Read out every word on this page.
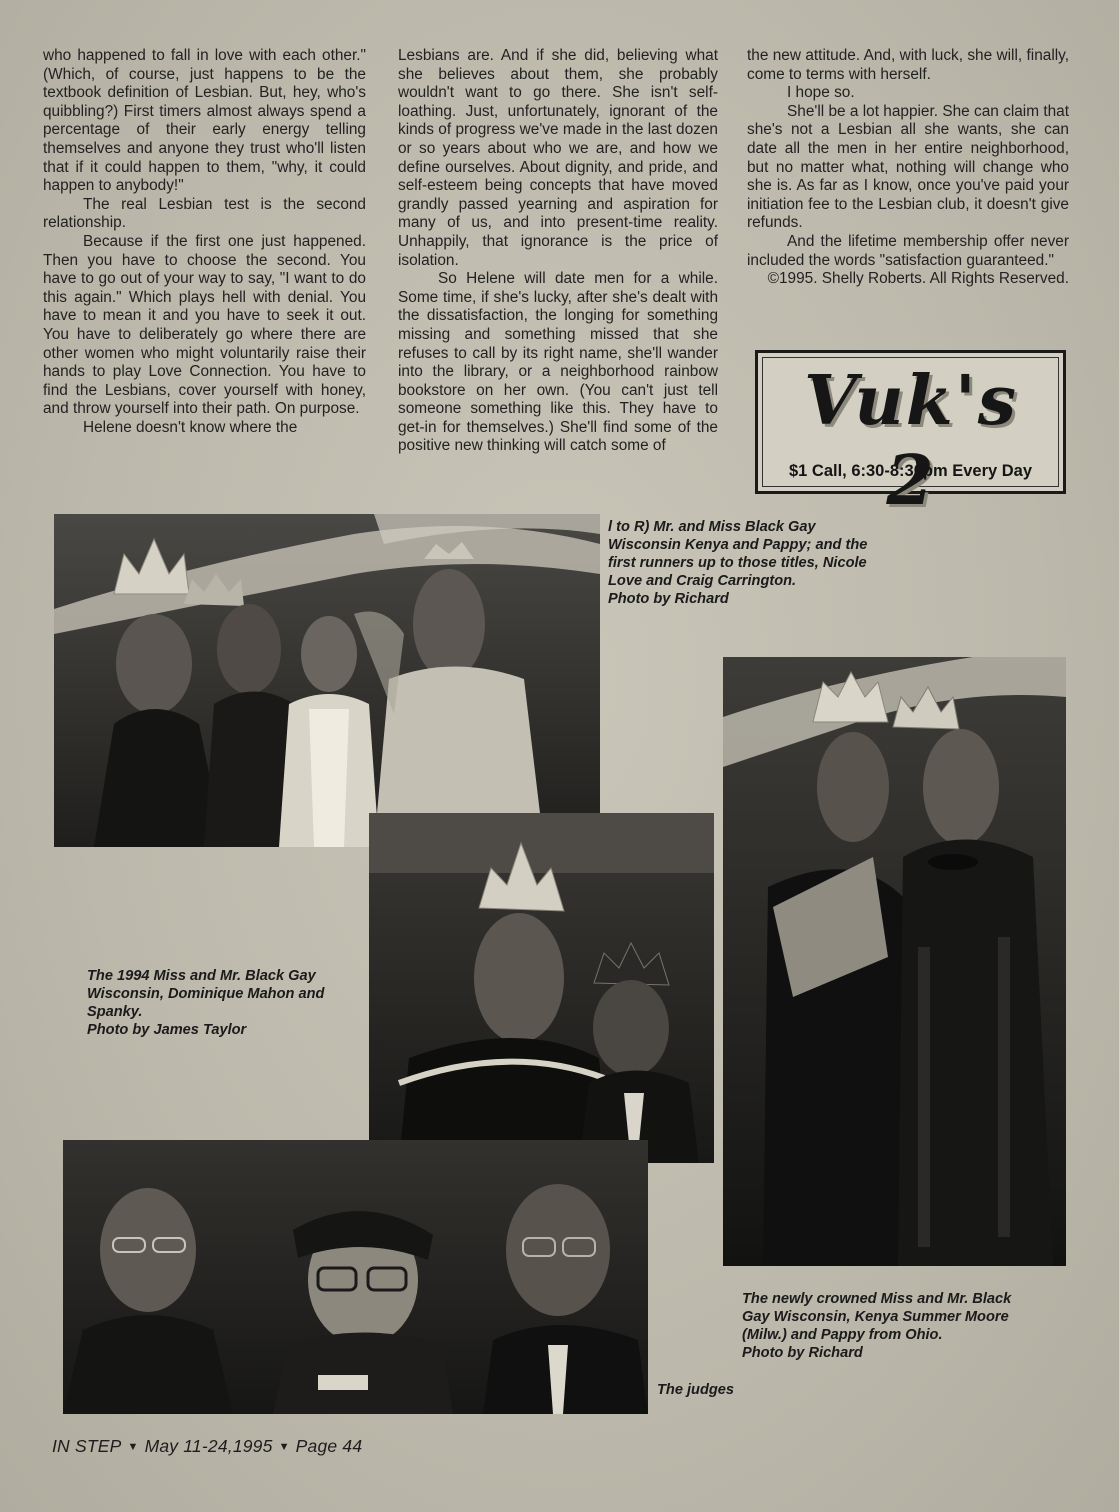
who happened to fall in love with each other." (Which, of course, just happens to be the textbook definition of Lesbian. But, hey, who's quibbling?) First timers almost always spend a percentage of their early energy telling themselves and anyone they trust who'll listen that if it could happen to them, "why, it could happen to anybody!"

The real Lesbian test is the second relationship.

Because if the first one just happened. Then you have to choose the second. You have to go out of your way to say, "I want to do this again." Which plays hell with denial. You have to mean it and you have to seek it out. You have to deliberately go where there are other women who might voluntarily raise their hands to play Love Connection. You have to find the Lesbians, cover yourself with honey, and throw yourself into their path. On purpose.

Helene doesn't know where the

Lesbians are. And if she did, believing what she believes about them, she probably wouldn't want to go there. She isn't self-loathing. Just, unfortunately, ignorant of the kinds of progress we've made in the last dozen or so years about who we are, and how we define ourselves. About dignity, and pride, and self-esteem being concepts that have moved grandly passed yearning and aspiration for many of us, and into present-time reality. Unhappily, that ignorance is the price of isolation.

So Helene will date men for a while. Some time, if she's lucky, after she's dealt with the dissatisfaction, the longing for something missing and something missed that she refuses to call by its right name, she'll wander into the library, or a neighborhood rainbow bookstore on her own. (You can't just tell someone something like this. They have to get-in for themselves.) She'll find some of the positive new thinking will catch some of

the new attitude. And, with luck, she will, finally, come to terms with herself.

I hope so.

She'll be a lot happier. She can claim that she's not a Lesbian all she wants, she can date all the men in her entire neighborhood, but no matter what, nothing will change who she is. As far as I know, once you've paid your initiation fee to the Lesbian club, it doesn't give refunds.

And the lifetime membership offer never included the words "satisfaction guaranteed."

©1995. Shelly Roberts. All Rights Reserved.

Vuk's 2
$1 Call, 6:30-8:30pm Every Day
l to R) Mr. and Miss Black Gay
Wisconsin Kenya and Pappy; and the
first runners up to those titles, Nicole
Love and Craig Carrington.
Photo by Richard
The 1994 Miss and Mr. Black Gay
Wisconsin, Dominique Mahon and
Spanky.
Photo by James Taylor
The newly crowned Miss and Mr. Black
Gay Wisconsin, Kenya Summer Moore
(Milw.) and Pappy from Ohio.
Photo by Richard
The judges
IN STEP ▼ May 11-24,1995 ▼ Page 44
